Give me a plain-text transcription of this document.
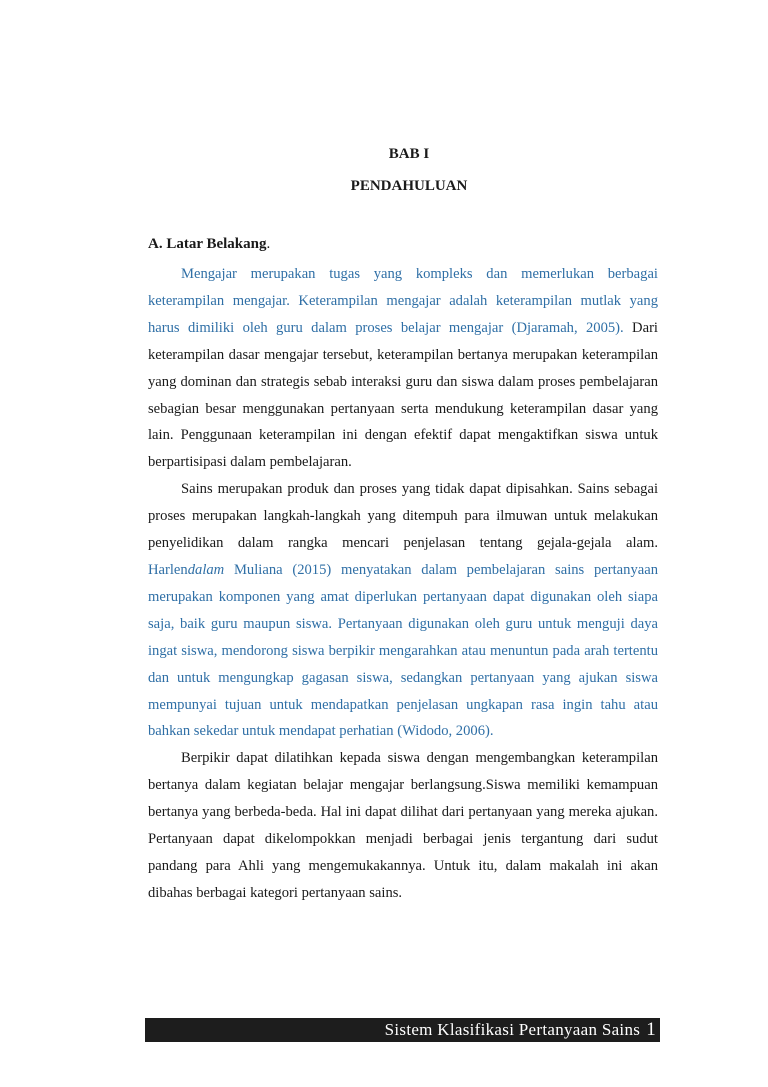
BAB I
PENDAHULUAN
A. Latar Belakang.

Mengajar merupakan tugas yang kompleks dan memerlukan berbagai keterampilan mengajar. Keterampilan mengajar adalah keterampilan mutlak yang harus dimiliki oleh guru dalam proses belajar mengajar (Djaramah, 2005). Dari keterampilan dasar mengajar tersebut, keterampilan bertanya merupakan keterampilan yang dominan dan strategis sebab interaksi guru dan siswa dalam proses pembelajaran sebagian besar menggunakan pertanyaan serta mendukung keterampilan dasar yang lain. Penggunaan keterampilan ini dengan efektif dapat mengaktifkan siswa untuk berpartisipasi dalam pembelajaran.

Sains merupakan produk dan proses yang tidak dapat dipisahkan. Sains sebagai proses merupakan langkah-langkah yang ditempuh para ilmuwan untuk melakukan penyelidikan dalam rangka mencari penjelasan tentang gejala-gejala alam. Harlendalam Muliana (2015) menyatakan dalam pembelajaran sains pertanyaan merupakan komponen yang amat diperlukan pertanyaan dapat digunakan oleh siapa saja, baik guru maupun siswa. Pertanyaan digunakan oleh guru untuk menguji daya ingat siswa, mendorong siswa berpikir mengarahkan atau menuntun pada arah tertentu dan untuk mengungkap gagasan siswa, sedangkan pertanyaan yang ajukan siswa mempunyai tujuan untuk mendapatkan penjelasan ungkapan rasa ingin tahu atau bahkan sekedar untuk mendapat perhatian (Widodo, 2006).

Berpikir dapat dilatihkan kepada siswa dengan mengembangkan keterampilan bertanya dalam kegiatan belajar mengajar berlangsung.Siswa memiliki kemampuan bertanya yang berbeda-beda. Hal ini dapat dilihat dari pertanyaan yang mereka ajukan. Pertanyaan dapat dikelompokkan menjadi berbagai jenis tergantung dari sudut pandang para Ahli yang mengemukakannya. Untuk itu, dalam makalah ini akan dibahas berbagai kategori pertanyaan sains.

Sistem Klasifikasi Pertanyaan Sains 1
